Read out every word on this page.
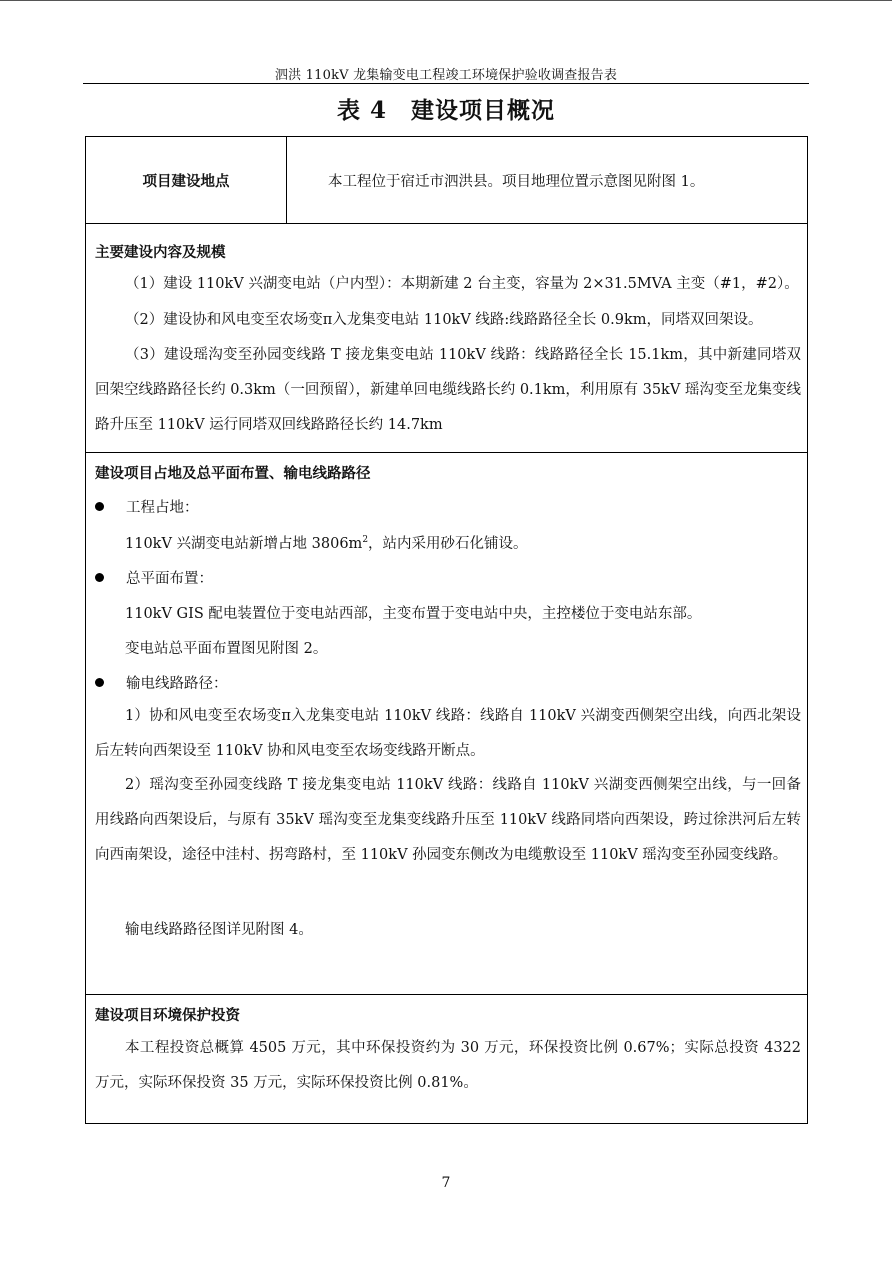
泗洪 110kV 龙集输变电工程竣工环境保护验收调查报告表
表 4 建设项目概况
项目建设地点	本工程位于宿迁市泗洪县。项目地理位置示意图见附图 1。
主要建设内容及规模
（1）建设 110kV 兴湖变电站（户内型）：本期新建 2 台主变，容量为 2×31.5MVA 主变（#1，#2）。
（2）建设协和风电变至农场变π入龙集变电站 110kV 线路:线路路径全长 0.9km，同塔双回架设。
（3）建设瑶沟变至孙园变线路 T 接龙集变电站 110kV 线路：线路路径全长 15.1km，其中新建同塔双回架空线路路径长约 0.3km（一回预留），新建单回电缆线路长约 0.1km，利用原有 35kV 瑶沟变至龙集变线路升压至 110kV 运行同塔双回线路路径长约 14.7km
建设项目占地及总平面布置、输电线路路径
工程占地：
110kV 兴湖变电站新增占地 $3806m^2$，站内采用砂石化铺设。
总平面布置：
110kV GIS 配电装置位于变电站西部，主变布置于变电站中央，主控楼位于变电站东部。
变电站总平面布置图见附图 2。
输电线路路径：
1）协和风电变至农场变π入龙集变电站 110kV 线路：线路自 110kV 兴湖变西侧架空出线，向西北架设后左转向西架设至 110kV 协和风电变至农场变线路开断点。
2）瑶沟变至孙园变线路 T 接龙集变电站 110kV 线路：线路自 110kV 兴湖变西侧架空出线，与一回备用线路向西架设后，与原有 35kV 瑶沟变至龙集变线路升压至 110kV 线路同塔向西架设，跨过徐洪河后左转向西南架设，途径中洼村、拐弯路村，至 110kV 孙园变东侧改为电缆敷设至 110kV 瑶沟变至孙园变线路。
输电线路路径图详见附图 4。
建设项目环境保护投资
本工程投资总概算 4505 万元，其中环保投资约为 30 万元，环保投资比例 0.67%；实际总投资 4322 万元，实际环保投资 35 万元，实际环保投资比例 0.81%。
7
